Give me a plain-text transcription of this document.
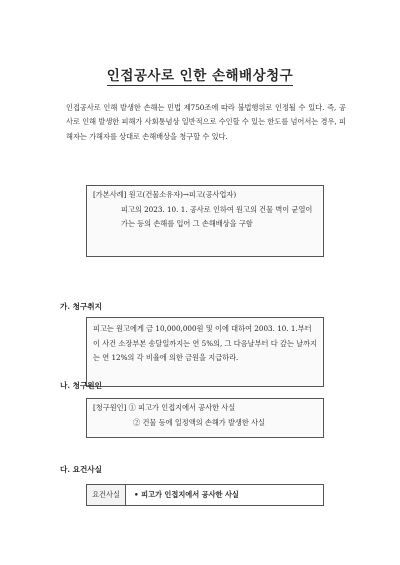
인접공사로 인한 손해배상청구
인접공사로 인해 발생한 손해는 민법 제750조에 따라 불법행위로 인정될 수 있다. 즉, 공사로 인해 발생한 피해가 사회통념상 일반적으로 수인할 수 있는 한도를 넘어서는 경우, 피해자는 가해자를 상대로 손해배상을 청구할 수 있다.
[가본사례] 원고(건물소유자)→피고(공사업자)
피고의 2023. 10. 1. 공사로 인하여 원고의 건물 벽이 균열이 가는 등의 손해를 입어 그 손해배상을 구함
가. 청구취지
피고는 원고에게 금 10,000,000원 및 이에 대하여 2003. 10. 1.부터 이 사건 소장부본 송달일까지는 연 5%의, 그 다음날부터 다 갚는 날까지는 연 12%의 각 비율에 의한 금원을 지급하라.
나. 청구원인
[청구원인] ① 피고가 인접지에서 공사한 사실
② 건물 등에 일정액의 손해가 발생한 사실
다. 요건사실
요건사실	• 피고가 인접지에서 공사한 사실
